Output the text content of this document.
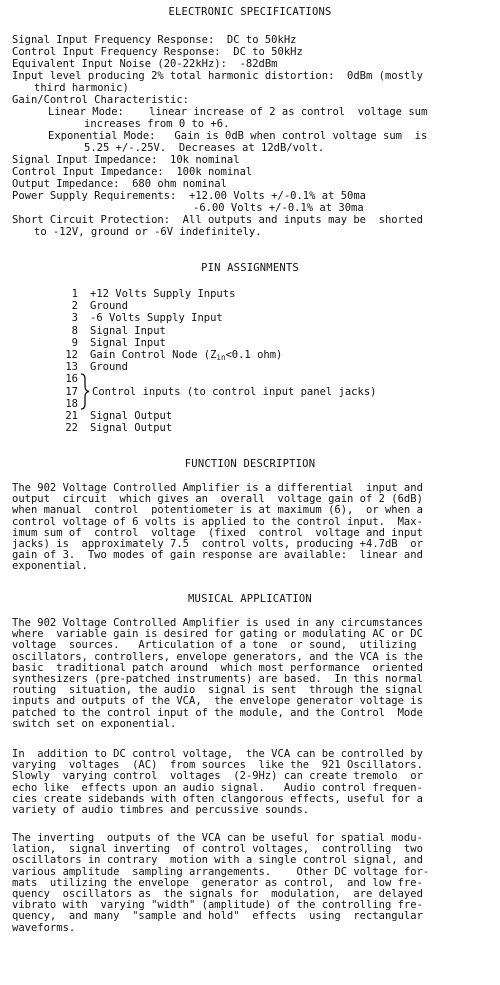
ELECTRONIC SPECIFICATIONS
Signal Input Frequency Response:  DC to 50kHz
Control Input Frequency Response:  DC to 50kHz
Equivalent Input Noise (20-22kHz):  -82dBm
Input level producing 2% total harmonic distortion:  0dBm (mostly
third harmonic)
Gain/Control Characteristic:
Linear Mode:    linear increase of 2 as control  voltage sum
increases from 0 to +6.
Exponential Mode:   Gain is 0dB when control voltage sum  is
5.25 +/-.25V.  Decreases at 12dB/volt.
Signal Input Impedance:  10k nominal
Control Input Impedance:  100k nominal
Output Impedance:  680 ohm nominal
Power Supply Requirements:  +12.00 Volts +/-0.1% at 50ma
-6.00 Volts +/-0.1% at 30ma
Short Circuit Protection:  All outputs and inputs may be  shorted
to -12V, ground or -6V indefinitely.
PIN ASSIGNMENTS
1	+12 Volts Supply Inputs
2	Ground
3	-6 Volts Supply Input
8	Signal Input
9	Signal Input
12	Gain Control Node ($Z_{in}<0.1$ ohm)
13	Ground
16
17
18
Control inputs (to control input panel jacks)
21	Signal Output
22	Signal Output
FUNCTION DESCRIPTION
The 902 Voltage Controlled Amplifier is a differential  input and
output  circuit  which gives an  overall  voltage gain of 2 (6dB)
when manual  control  potentiometer is at maximum (6),  or when a
control voltage of 6 volts is applied to the control input.  Max-
imum sum of  control  voltage  (fixed  control  voltage and input
jacks) is  approximately 7.5  control volts, producing +4.7dB  or
gain of 3.  Two modes of gain response are available:  linear and
exponential.
MUSICAL APPLICATION
The 902 Voltage Controlled Amplifier is used in any circumstances
where  variable gain is desired for gating or modulating AC or DC
voltage  sources.   Articulation of a tone  or sound,  utilizing
oscillators, controllers, envelope generators, and the VCA is the
basic  traditional patch around  which most performance  oriented
synthesizers (pre-patched instruments) are based.  In this normal
routing  situation, the audio  signal is sent  through the signal
inputs and outputs of the VCA,  the envelope generator voltage is
patched to the control input of the module, and the Control  Mode
switch set on exponential.
In  addition to DC control voltage,  the VCA can be controlled by
varying  voltages  (AC)  from sources  like the  921 Oscillators.
Slowly  varying control  voltages  (2-9Hz) can create tremolo  or
echo like  effects upon an audio signal.   Audio control frequen-
cies create sidebands with often clangorous effects, useful for a
variety of audio timbres and percussive sounds.
The inverting  outputs of the VCA can be useful for spatial modu-
lation,  signal inverting  of control voltages,  controlling  two
oscillators in contrary  motion with a single control signal, and
various amplitude  sampling arrangements.    Other DC voltage for-
mats  utilizing the envelope  generator as control,  and low fre-
quency  oscillators as  the signals for  modulation,  are delayed
vibrato with  varying "width" (amplitude) of the controlling fre-
quency,  and many  "sample and hold"  effects  using  rectangular
waveforms.
